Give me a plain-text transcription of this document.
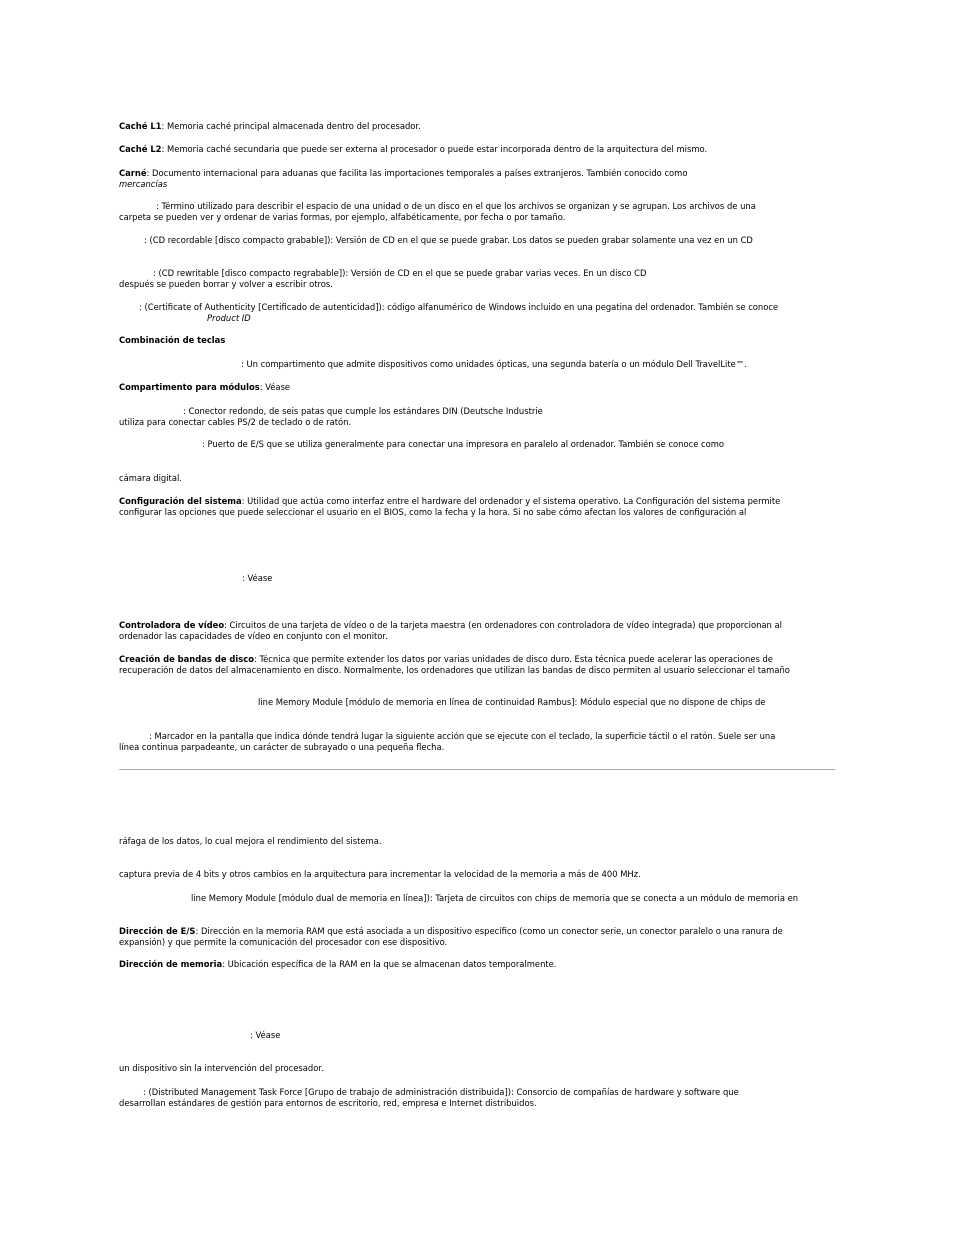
Caché L1: Memoria caché principal almacenada dentro del procesador.
Caché L2: Memoria caché secundaria que puede ser externa al procesador o puede estar incorporada dentro de la arquitectura del mismo.
Carné: Documento internacional para aduanas que facilita las importaciones temporales a países extranjeros. También conocido como
mercancías
: Término utilizado para describir el espacio de una unidad o de un disco en el que los archivos se organizan y se agrupan. Los archivos de una
carpeta se pueden ver y ordenar de varias formas, por ejemplo, alfabéticamente, por fecha o por tamaño.
: (CD recordable [disco compacto grabable]): Versión de CD en el que se puede grabar. Los datos se pueden grabar solamente una vez en un CD
: (CD rewritable [disco compacto regrabable]): Versión de CD en el que se puede grabar varias veces. En un disco CD
después se pueden borrar y volver a escribir otros.
: (Certificate of Authenticity [Certificado de autenticidad]): código alfanumérico de Windows incluido en una pegatina del ordenador. También se conoce
Product ID
Combinación de teclas
: Un compartimento que admite dispositivos como unidades ópticas, una segunda batería o un módulo Dell TravelLite™.
Compartimento para módulos: Véase
: Conector redondo, de seis patas que cumple los estándares DIN (Deutsche Industrie
utiliza para conectar cables PS/2 de teclado o de ratón.
: Puerto de E/S que se utiliza generalmente para conectar una impresora en paralelo al ordenador. También se conoce como
cámara digital.
Configuración del sistema: Utilidad que actúa como interfaz entre el hardware del ordenador y el sistema operativo. La Configuración del sistema permite
configurar las opciones que puede seleccionar el usuario en el BIOS, como la fecha y la hora. Si no sabe cómo afectan los valores de configuración al
: Véase
Controladora de vídeo: Circuitos de una tarjeta de vídeo o de la tarjeta maestra (en ordenadores con controladora de vídeo integrada) que proporcionan al
ordenador las capacidades de vídeo en conjunto con el monitor.
Creación de bandas de disco: Técnica que permite extender los datos por varias unidades de disco duro. Esta técnica puede acelerar las operaciones de
recuperación de datos del almacenamiento en disco. Normalmente, los ordenadores que utilizan las bandas de disco permiten al usuario seleccionar el tamaño
line Memory Module [módulo de memoria en línea de continuidad Rambus]: Módulo especial que no dispone de chips de
: Marcador en la pantalla que indica dónde tendrá lugar la siguiente acción que se ejecute con el teclado, la superficie táctil o el ratón. Suele ser una
línea continua parpadeante, un carácter de subrayado o una pequeña flecha.
ráfaga de los datos, lo cual mejora el rendimiento del sistema.
captura previa de 4 bits y otros cambios en la arquitectura para incrementar la velocidad de la memoria a más de 400 MHz.
line Memory Module [módulo dual de memoria en línea]): Tarjeta de circuitos con chips de memoria que se conecta a un módulo de memoria en
Dirección de E/S: Dirección en la memoria RAM que está asociada a un dispositivo específico (como un conector serie, un conector paralelo o una ranura de
expansión) y que permite la comunicación del procesador con ese dispositivo.
Dirección de memoria: Ubicación específica de la RAM en la que se almacenan datos temporalmente.
: Véase
un dispositivo sin la intervención del procesador.
: (Distributed Management Task Force [Grupo de trabajo de administración distribuida]): Consorcio de compañías de hardware y software que
desarrollan estándares de gestión para entornos de escritorio, red, empresa e Internet distribuidos.
